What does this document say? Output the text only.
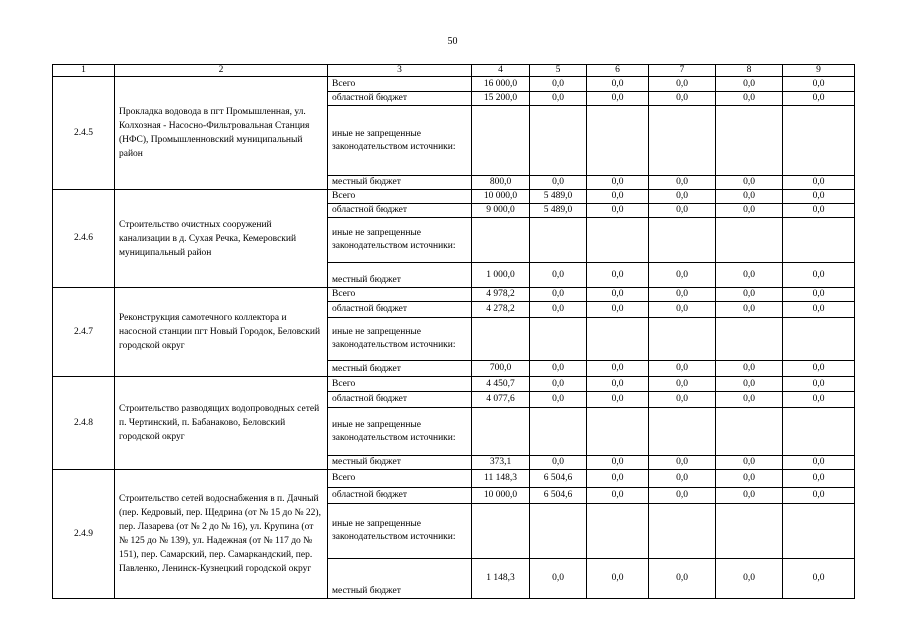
50
1	2	3	4	5	6	7	8	9
2.4.5	Прокладка водовода в пгт Промышленная, ул. Колхозная - Насосно-Фильтровальная Станция (НФС), Промышленновский муниципальный район	Всего	16 000,0	0,0	0,0	0,0	0,0	0,0
		областной бюджет	15 200,0	0,0	0,0	0,0	0,0	0,0
		иные не запрещенные законодательством источники:						
		местный бюджет	800,0	0,0	0,0	0,0	0,0	0,0
2.4.6	Строительство очистных сооружений канализации в д. Сухая Речка, Кемеровский муниципальный район	Всего	10 000,0	5 489,0	0,0	0,0	0,0	0,0
		областной бюджет	9 000,0	5 489,0	0,0	0,0	0,0	0,0
		иные не запрещенные законодательством источники:						
		местный бюджет	1 000,0	0,0	0,0	0,0	0,0	0,0
2.4.7	Реконструкция самотечного коллектора и насосной станции пгт Новый Городок, Беловский городской округ	Всего	4 978,2	0,0	0,0	0,0	0,0	0,0
		областной бюджет	4 278,2	0,0	0,0	0,0	0,0	0,0
		иные не запрещенные законодательством источники:						
		местный бюджет	700,0	0,0	0,0	0,0	0,0	0,0
2.4.8	Строительство разводящих водопроводных сетей п. Чертинский, п. Бабанаково, Беловский городской округ	Всего	4 450,7	0,0	0,0	0,0	0,0	0,0
		областной бюджет	4 077,6	0,0	0,0	0,0	0,0	0,0
		иные не запрещенные законодательством источники:						
		местный бюджет	373,1	0,0	0,0	0,0	0,0	0,0
2.4.9	Строительство сетей водоснабжения в п. Дачный (пер. Кедровый, пер. Щедрина (от № 15 до № 22), пер. Лазарева (от № 2 до № 16), ул. Крупина (от № 125 до № 139), ул. Надежная (от № 117 до № 151), пер. Самарский, пер. Самаркандский, пер. Павленко, Ленинск-Кузнецкий городской округ	Всего	11 148,3	6 504,6	0,0	0,0	0,0	0,0
		областной бюджет	10 000,0	6 504,6	0,0	0,0	0,0	0,0
		иные не запрещенные законодательством источники:						
		местный бюджет	1 148,3	0,0	0,0	0,0	0,0	0,0
